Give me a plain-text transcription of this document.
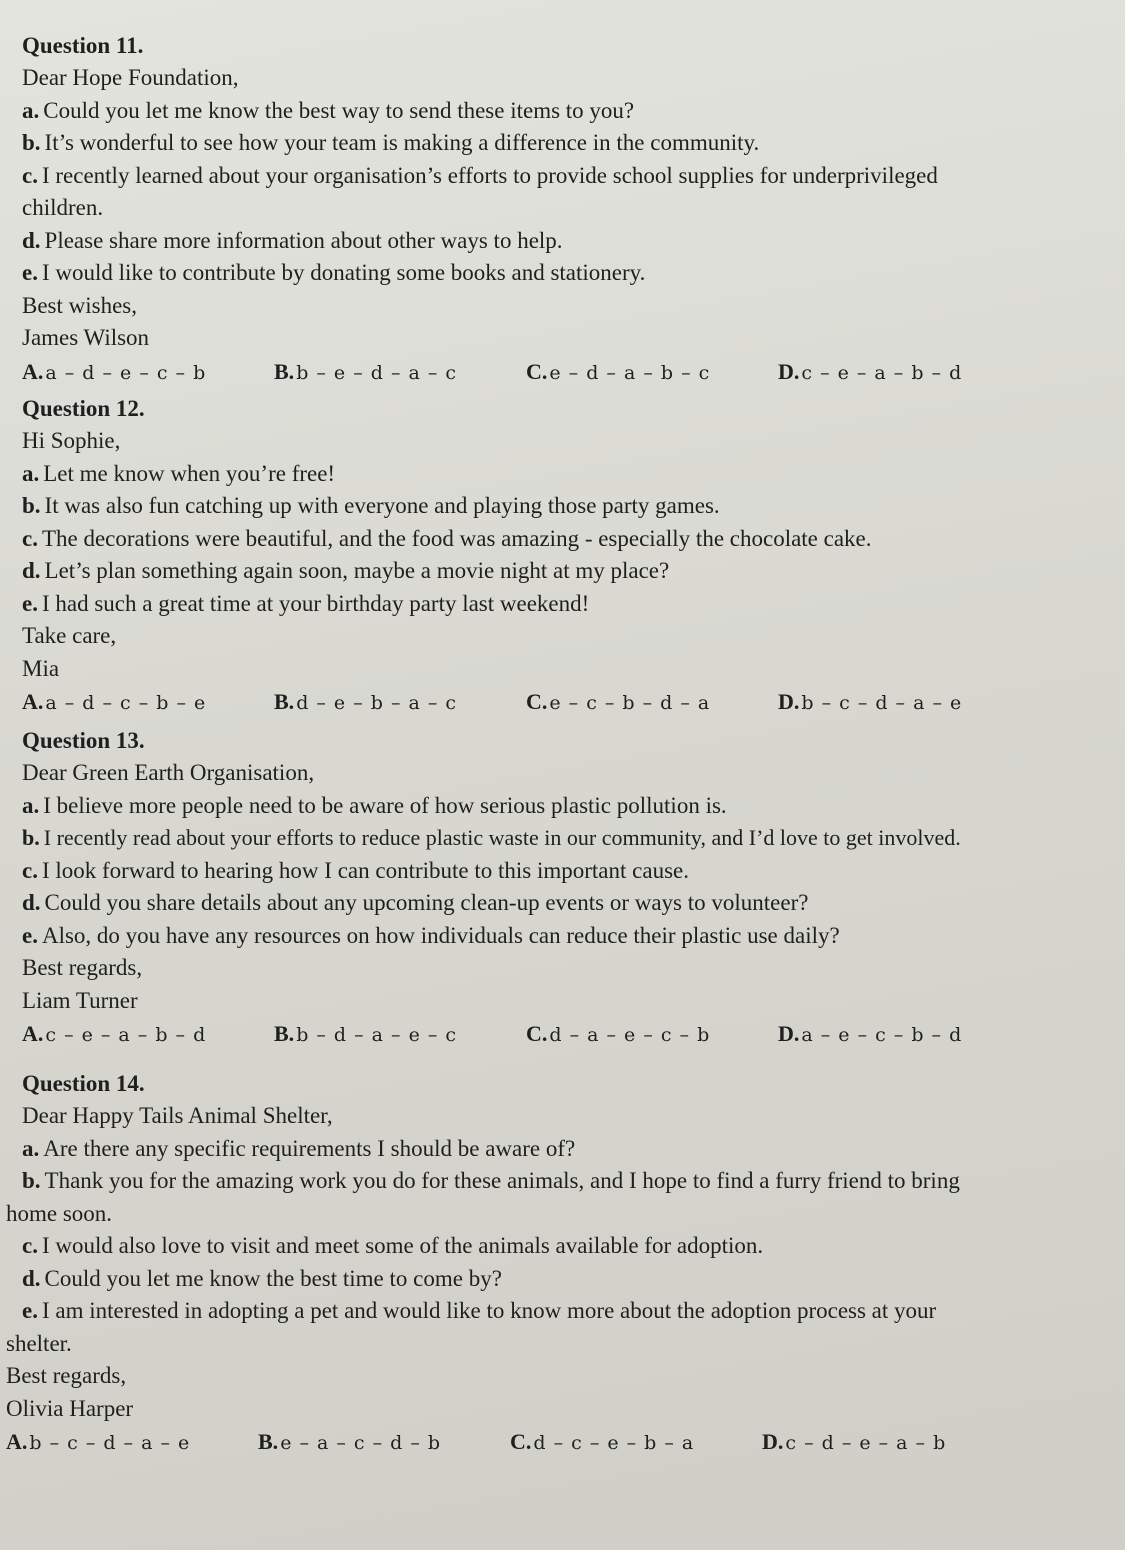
Question 11.
Dear Hope Foundation,
a. Could you let me know the best way to send these items to you?
b. It’s wonderful to see how your team is making a difference in the community.
c. I recently learned about your organisation’s efforts to provide school supplies for underprivileged
children.
d. Please share more information about other ways to help.
e. I would like to contribute by donating some books and stationery.
Best wishes,
James Wilson
A. a – d – e – c – b	B. b – e – d – a – c	C. e – d – a – b – c	D. c – e – a – b – d
Question 12.
Hi Sophie,
a. Let me know when you’re free!
b. It was also fun catching up with everyone and playing those party games.
c. The decorations were beautiful, and the food was amazing - especially the chocolate cake.
d. Let’s plan something again soon, maybe a movie night at my place?
e. I had such a great time at your birthday party last weekend!
Take care,
Mia
A. a – d – c – b – e	B. d – e – b – a – c	C. e – c – b – d – a	D. b – c – d – a – e
Question 13.
Dear Green Earth Organisation,
a. I believe more people need to be aware of how serious plastic pollution is.
b. I recently read about your efforts to reduce plastic waste in our community, and I’d love to get involved.
c. I look forward to hearing how I can contribute to this important cause.
d. Could you share details about any upcoming clean-up events or ways to volunteer?
e. Also, do you have any resources on how individuals can reduce their plastic use daily?
Best regards,
Liam Turner
A. c – e – a – b – d	B. b – d – a – e – c	C. d – a – e – c – b	D. a – e – c – b – d
Question 14.
Dear Happy Tails Animal Shelter,
a. Are there any specific requirements I should be aware of?
b. Thank you for the amazing work you do for these animals, and I hope to find a furry friend to bring
home soon.
c. I would also love to visit and meet some of the animals available for adoption.
d. Could you let me know the best time to come by?
e. I am interested in adopting a pet and would like to know more about the adoption process at your
shelter.
Best regards,
Olivia Harper
A. b – c – d – a – e	B. e – a – c – d – b	C. d – c – e – b – a	D. c – d – e – a – b
